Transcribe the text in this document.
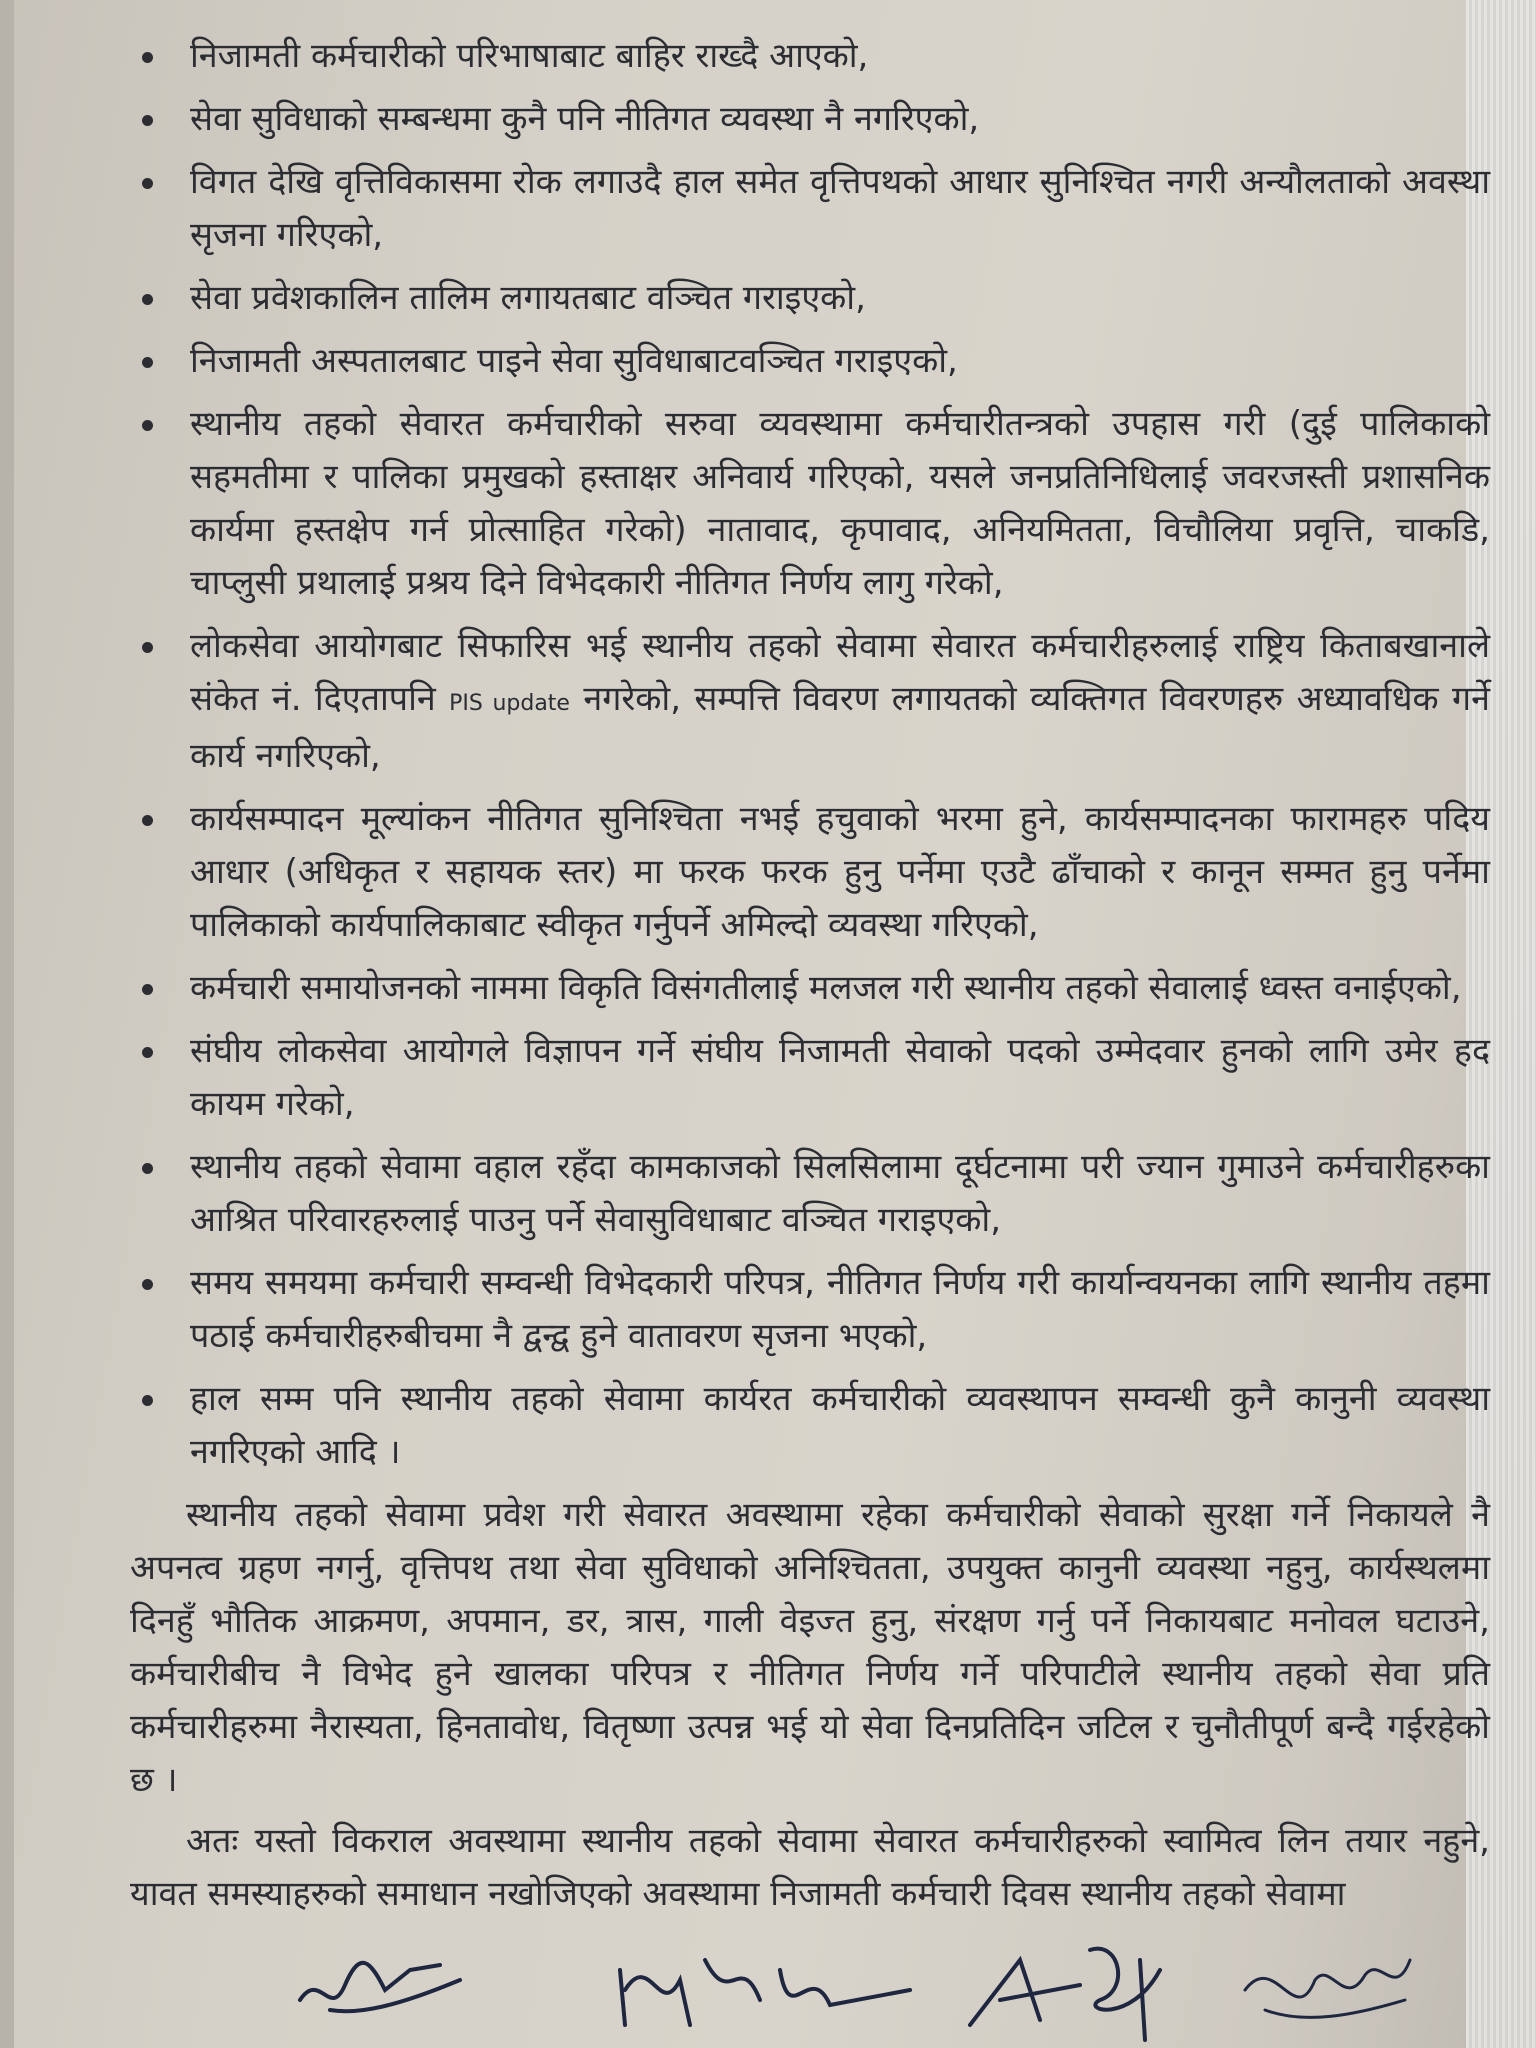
निजामती कर्मचारीको परिभाषाबाट बाहिर राख्दै आएको,
सेवा सुविधाको सम्बन्धमा कुनै पनि नीतिगत व्यवस्था नै नगरिएको,
विगत देखि वृत्तिविकासमा रोक लगाउदै हाल समेत वृत्तिपथको आधार सुनिश्चित नगरी अन्यौलताको अवस्था सृजना गरिएको,
सेवा प्रवेशकालिन तालिम लगायतबाट वञ्चित गराइएको,
निजामती अस्पतालबाट पाइने सेवा सुविधाबाटवञ्चित गराइएको,
स्थानीय तहको सेवारत कर्मचारीको सरुवा व्यवस्थामा कर्मचारीतन्त्रको उपहास गरी (दुई पालिकाको सहमतीमा र पालिका प्रमुखको हस्ताक्षर अनिवार्य गरिएको, यसले जनप्रतिनिधिलाई जवरजस्ती प्रशासनिक कार्यमा हस्तक्षेप गर्न प्रोत्साहित गरेको) नातावाद, कृपावाद, अनियमितता, विचौलिया प्रवृत्ति, चाकडि, चाप्लुसी प्रथालाई प्रश्रय दिने विभेदकारी नीतिगत निर्णय लागु गरेको,
लोकसेवा आयोगबाट सिफारिस भई स्थानीय तहको सेवामा सेवारत कर्मचारीहरुलाई राष्ट्रिय किताबखानाले संकेत नं. दिएतापनि PIS update नगरेको, सम्पत्ति विवरण लगायतको व्यक्तिगत विवरणहरु अध्यावधिक गर्ने कार्य नगरिएको,
कार्यसम्पादन मूल्यांकन नीतिगत सुनिश्चिता नभई हचुवाको भरमा हुने, कार्यसम्पादनका फारामहरु पदिय आधार (अधिकृत र सहायक स्तर) मा फरक फरक हुनु पर्नेमा एउटै ढाँचाको र कानून सम्मत हुनु पर्नेमा पालिकाको कार्यपालिकाबाट स्वीकृत गर्नुपर्ने अमिल्दो व्यवस्था गरिएको,
कर्मचारी समायोजनको नाममा विकृति विसंगतीलाई मलजल गरी स्थानीय तहको सेवालाई ध्वस्त वनाईएको,
संघीय लोकसेवा आयोगले विज्ञापन गर्ने संघीय निजामती सेवाको पदको उम्मेदवार हुनको लागि उमेर हद कायम गरेको,
स्थानीय तहको सेवामा वहाल रहँदा कामकाजको सिलसिलामा दूर्घटनामा परी ज्यान गुमाउने कर्मचारीहरुका आश्रित परिवारहरुलाई पाउनु पर्ने सेवासुविधाबाट वञ्चित गराइएको,
समय समयमा कर्मचारी सम्वन्धी विभेदकारी परिपत्र, नीतिगत निर्णय गरी कार्यान्वयनका लागि स्थानीय तहमा पठाई कर्मचारीहरुबीचमा नै द्वन्द्व हुने वातावरण सृजना भएको,
हाल सम्म पनि स्थानीय तहको सेवामा कार्यरत कर्मचारीको व्यवस्थापन सम्वन्धी कुनै कानुनी व्यवस्था नगरिएको आदि ।

स्थानीय तहको सेवामा प्रवेश गरी सेवारत अवस्थामा रहेका कर्मचारीको सेवाको सुरक्षा गर्ने निकायले नै अपनत्व ग्रहण नगर्नु, वृत्तिपथ तथा सेवा सुविधाको अनिश्चितता, उपयुक्त कानुनी व्यवस्था नहुनु, कार्यस्थलमा दिनहुँ भौतिक आक्रमण, अपमान, डर, त्रास, गाली वेइज्त हुनु, संरक्षण गर्नु पर्ने निकायबाट मनोवल घटाउने, कर्मचारीबीच नै विभेद हुने खालका परिपत्र र नीतिगत निर्णय गर्ने परिपाटीले स्थानीय तहको सेवा प्रति कर्मचारीहरुमा नैरास्यता, हिनतावोध, वितृष्णा उत्पन्न भई यो सेवा दिनप्रतिदिन जटिल र चुनौतीपूर्ण बन्दै गईरहेको छ ।

अतः यस्तो विकराल अवस्थामा स्थानीय तहको सेवामा सेवारत कर्मचारीहरुको स्वामित्व लिन तयार नहुने, यावत समस्याहरुको समाधान नखोजिएको अवस्थामा निजामती कर्मचारी दिवस स्थानीय तहको सेवामा
